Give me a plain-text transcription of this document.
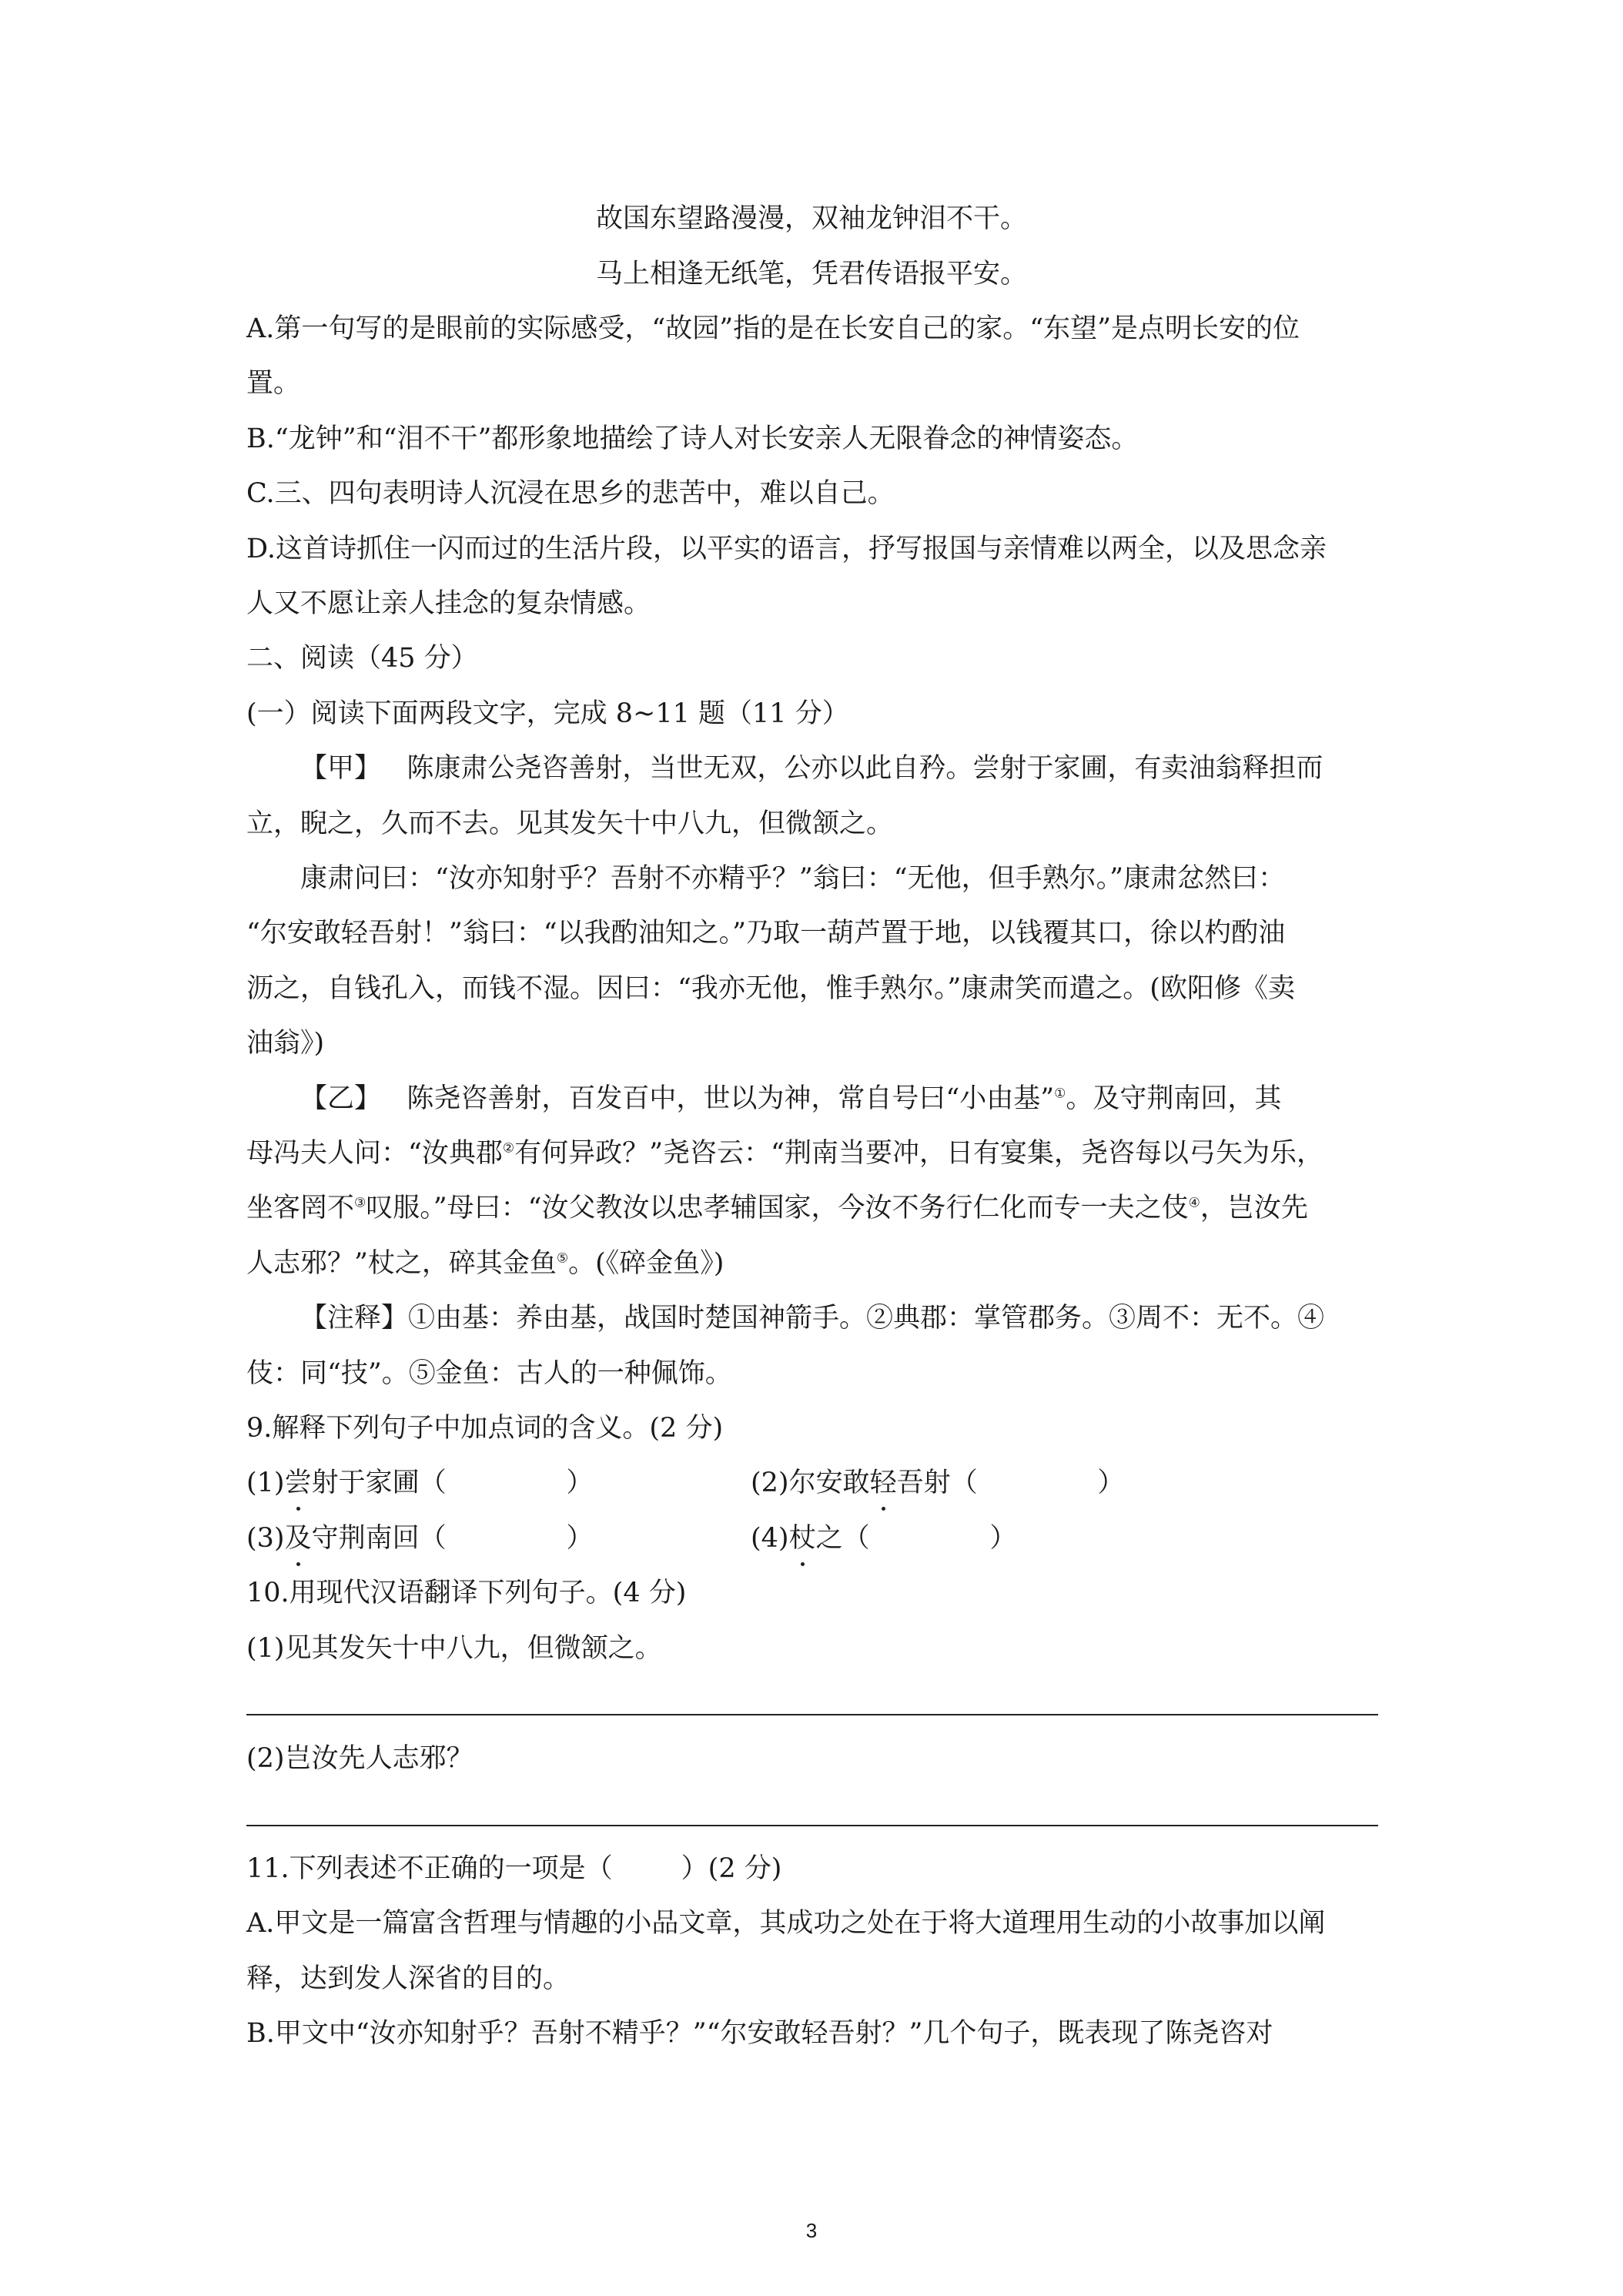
故国东望路漫漫，双袖龙钟泪不干。
马上相逢无纸笔，凭君传语报平安。
A.第一句写的是眼前的实际感受，“故园”指的是在长安自己的家。“东望”是点明长安的位
置。
B.“龙钟”和“泪不干”都形象地描绘了诗人对长安亲人无限眷念的神情姿态。
C.三、四句表明诗人沉浸在思乡的悲苦中，难以自己。
D.这首诗抓住一闪而过的生活片段，以平实的语言，抒写报国与亲情难以两全，以及思念亲
人又不愿让亲人挂念的复杂情感。
二、阅读（45 分）
(一）阅读下面两段文字，完成 8~11 题（11 分）
【甲】   陈康肃公尧咨善射，当世无双，公亦以此自矜。尝射于家圃，有卖油翁释担而
立，睨之，久而不去。见其发矢十中八九，但微颔之。
康肃问曰：“汝亦知射乎？吾射不亦精乎？”翁曰：“无他，但手熟尔。”康肃忿然曰：
“尔安敢轻吾射！”翁曰：“以我酌油知之。”乃取一葫芦置于地，以钱覆其口，徐以杓酌油
沥之，自钱孔入，而钱不湿。因曰：“我亦无他，惟手熟尔。”康肃笑而遣之。(欧阳修《卖
油翁》)
【乙】   陈尧咨善射，百发百中，世以为神，常自号曰“小由基”①。及守荆南回，其
母冯夫人问：“汝典郡②有何异政？”尧咨云：“荆南当要冲，日有宴集，尧咨每以弓矢为乐，
坐客罔不③叹服。”母曰：“汝父教汝以忠孝辅国家，今汝不务行仁化而专一夫之伎④，岂汝先
人志邪？”杖之，碎其金鱼⑤。(《碎金鱼》)
【注释】①由基：养由基，战国时楚国神箭手。②典郡：掌管郡务。③周不：无不。④
伎：同“技”。⑤金鱼：古人的一种佩饰。
9.解释下列句子中加点词的含义。(2 分)
(1)尝射于家圃（              ）	(2)尔安敢轻吾射（              ）
(3)及守荆南回（              ）	(4)杖之（              ）
10.用现代汉语翻译下列句子。(4 分)
(1)见其发矢十中八九，但微颔之。
(2)岂汝先人志邪？
11.下列表述不正确的一项是（        ）(2 分)
A.甲文是一篇富含哲理与情趣的小品文章，其成功之处在于将大道理用生动的小故事加以阐
释，达到发人深省的目的。
B.甲文中“汝亦知射乎？吾射不精乎？”“尔安敢轻吾射？”几个句子，既表现了陈尧咨对
3
